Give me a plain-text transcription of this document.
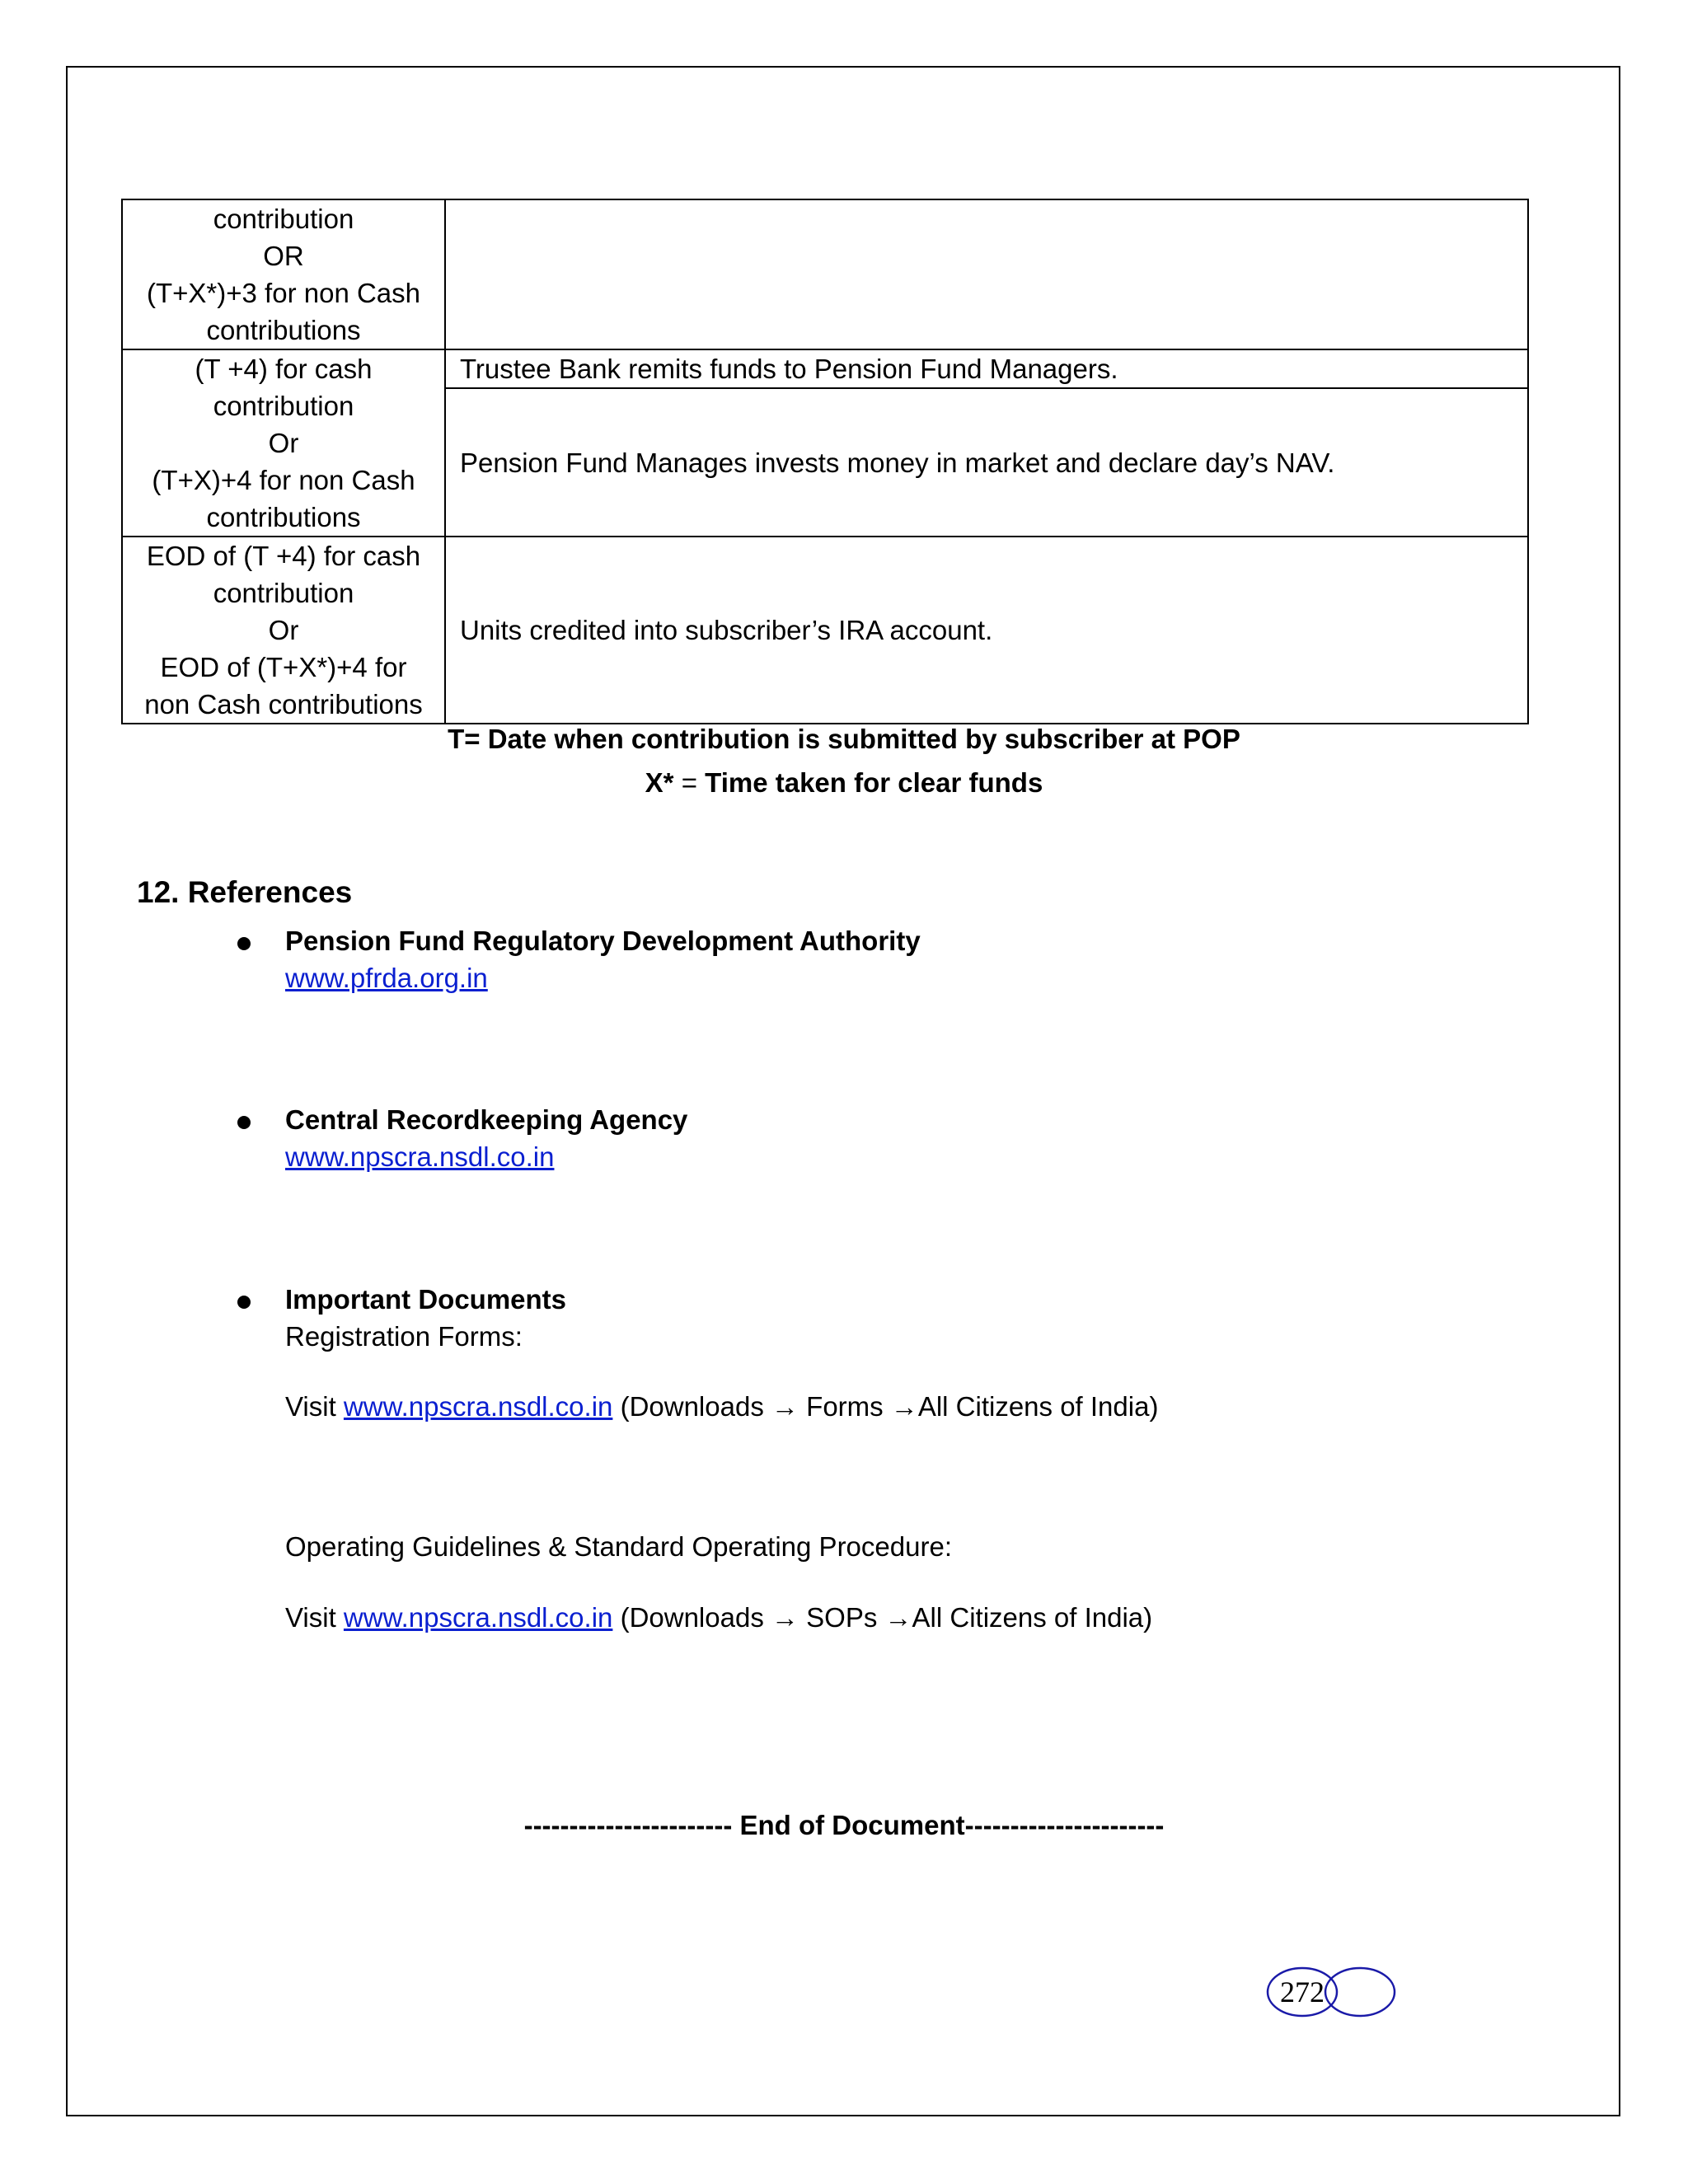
contribution
OR
(T+X*)+3 for non Cash
contributions	

(T +4) for cash
contribution
Or
(T+X)+4 for non Cash
contributions	Trustee Bank remits funds to Pension Fund Managers.
	Pension Fund Manages invests money in market and declare day’s NAV.

EOD of (T +4) for cash
contribution
Or
EOD of (T+X*)+4 for
non Cash contributions	Units credited into subscriber’s IRA account.
T= Date when contribution is submitted by subscriber at POP
X* = Time taken for clear funds
12. References
Pension Fund Regulatory Development Authority
www.pfrda.org.in
Central Recordkeeping Agency
www.npscra.nsdl.co.in
Important Documents
Registration Forms:
Visit www.npscra.nsdl.co.in (Downloads → Forms →All Citizens of India)
Operating Guidelines & Standard Operating Procedure:
Visit www.npscra.nsdl.co.in (Downloads → SOPs →All Citizens of India)
----------------------- End of Document----------------------
272
